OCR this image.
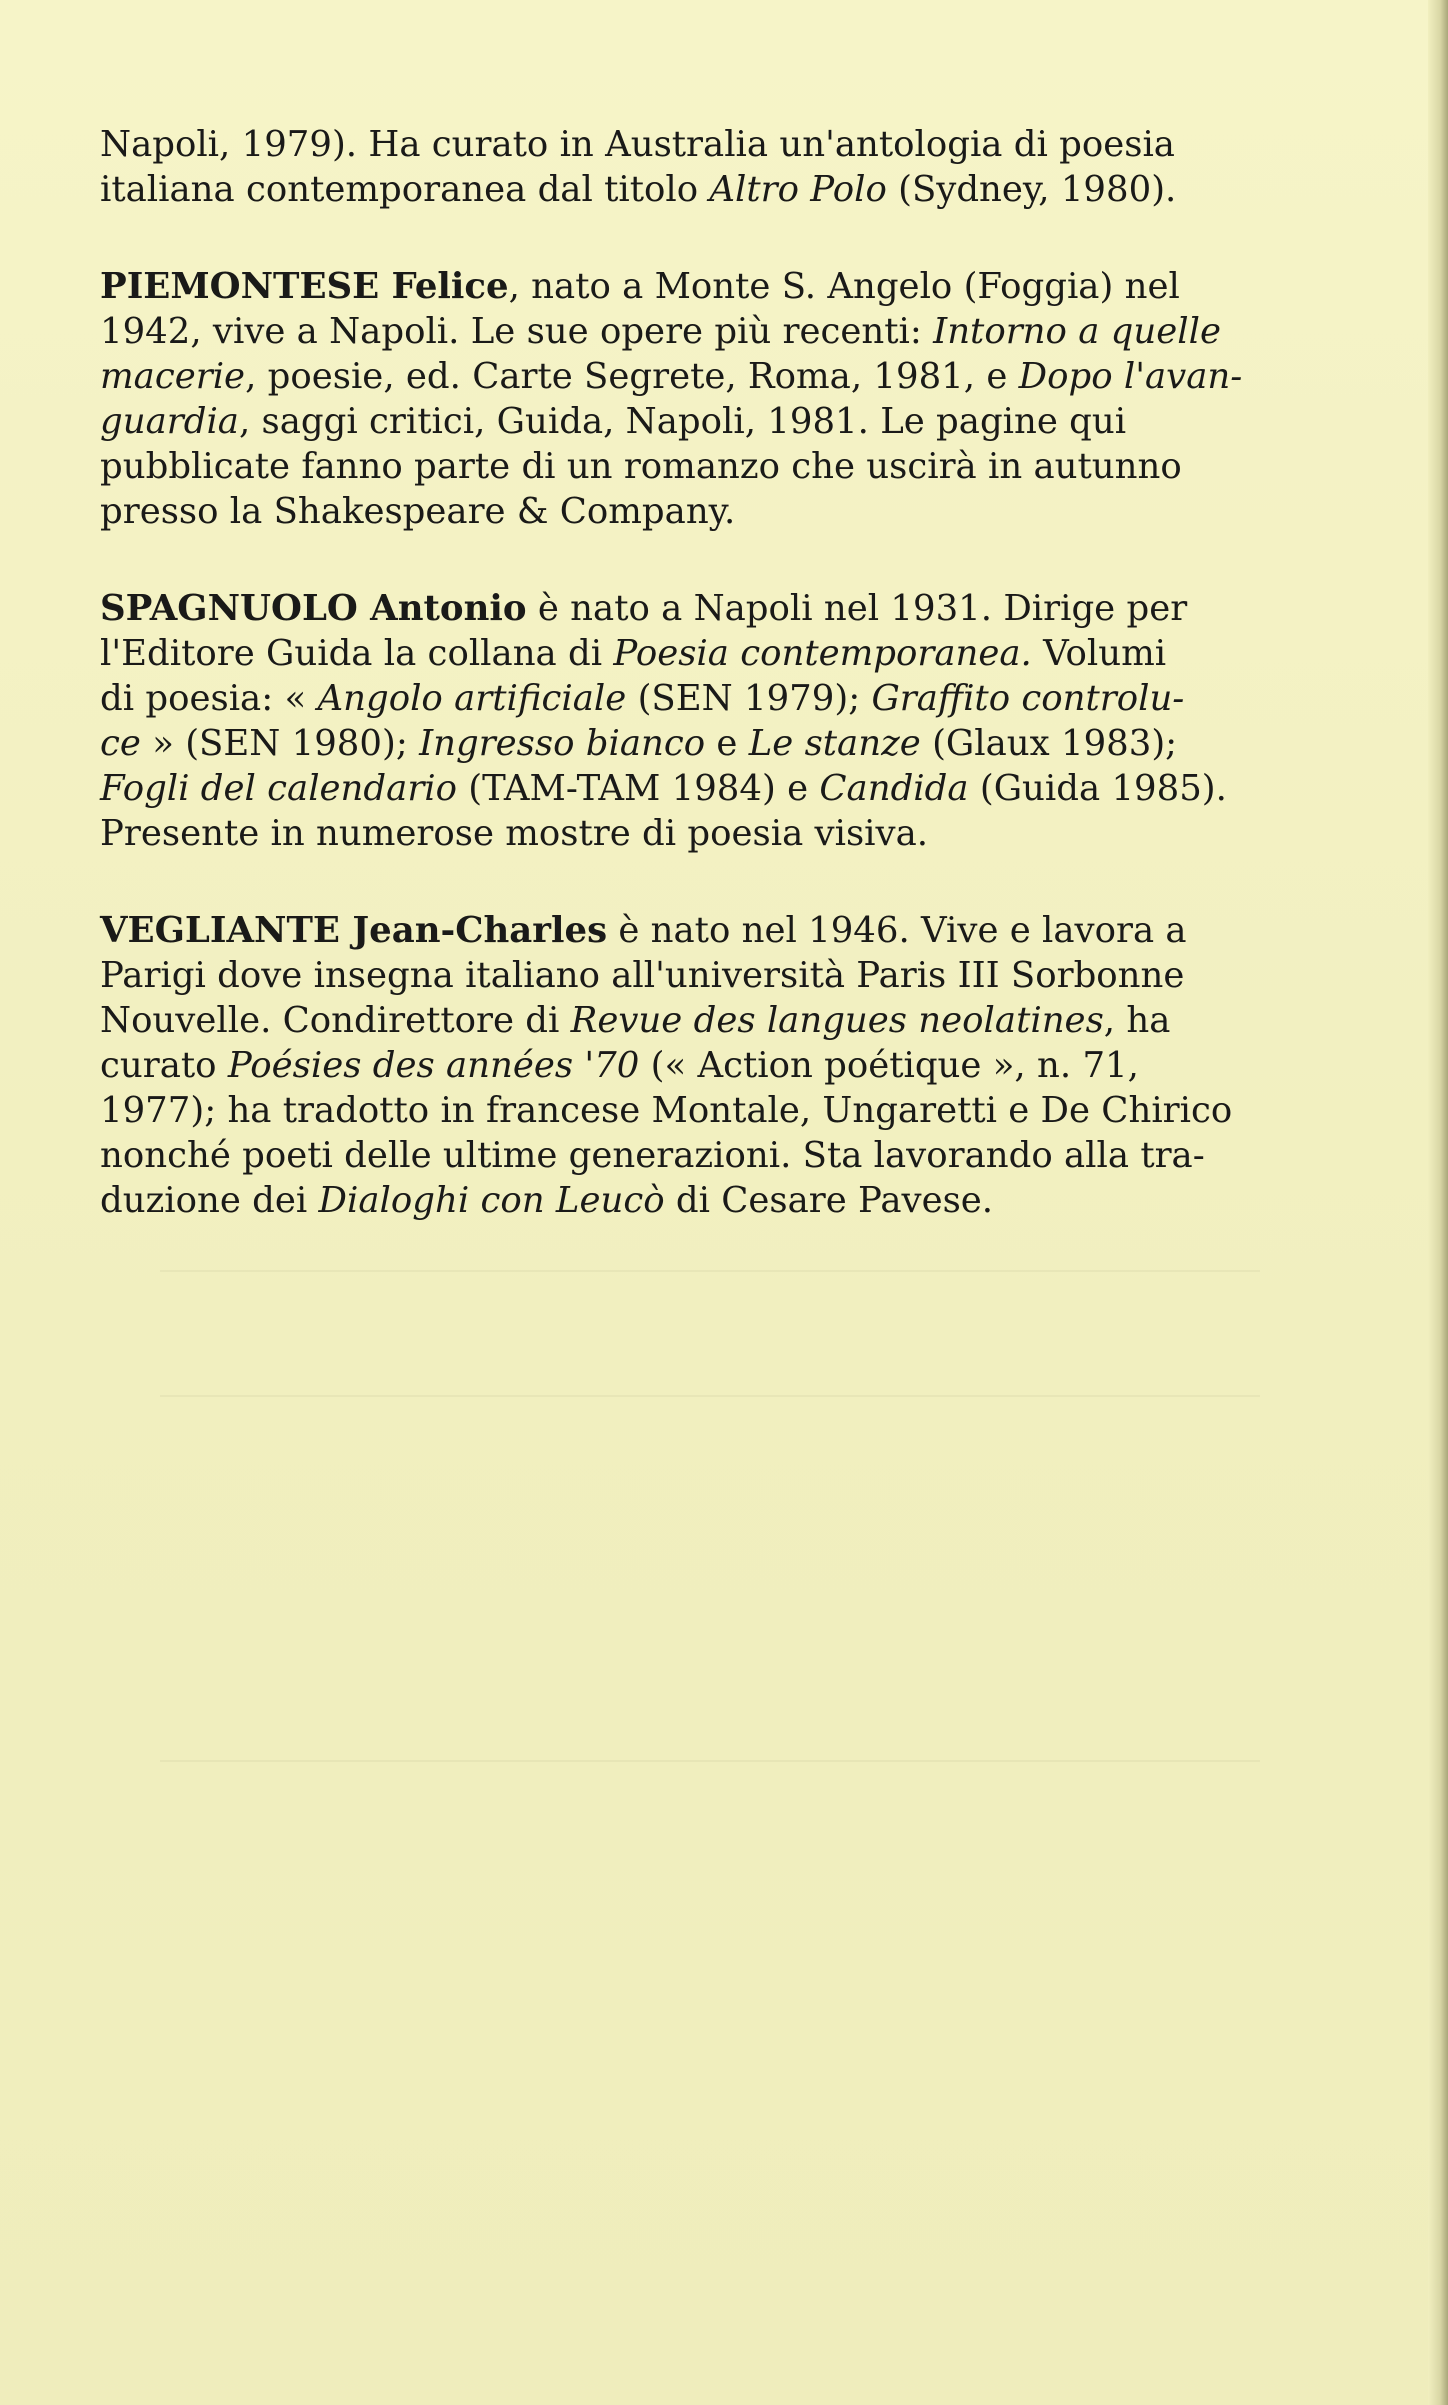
Napoli, 1979). Ha curato in Australia un'antologia di poesia
italiana contemporanea dal titolo Altro Polo (Sydney, 1980).
PIEMONTESE Felice, nato a Monte S. Angelo (Foggia) nel
1942, vive a Napoli. Le sue opere più recenti: Intorno a quelle
macerie, poesie, ed. Carte Segrete, Roma, 1981, e Dopo l'avan-
guardia, saggi critici, Guida, Napoli, 1981. Le pagine qui
pubblicate fanno parte di un romanzo che uscirà in autunno
presso la Shakespeare & Company.
SPAGNUOLO Antonio è nato a Napoli nel 1931. Dirige per
l'Editore Guida la collana di Poesia contemporanea. Volumi
di poesia: « Angolo artificiale (SEN 1979); Graffito controlu-
ce » (SEN 1980); Ingresso bianco e Le stanze (Glaux 1983);
Fogli del calendario (TAM-TAM 1984) e Candida (Guida 1985).
Presente in numerose mostre di poesia visiva.
VEGLIANTE Jean-Charles è nato nel 1946. Vive e lavora a
Parigi dove insegna italiano all'università Paris III Sorbonne
Nouvelle. Condirettore di Revue des langues neolatines, ha
curato Poésies des années '70 (« Action poétique », n. 71,
1977); ha tradotto in francese Montale, Ungaretti e De Chirico
nonché poeti delle ultime generazioni. Sta lavorando alla tra-
duzione dei Dialoghi con Leucò di Cesare Pavese.
